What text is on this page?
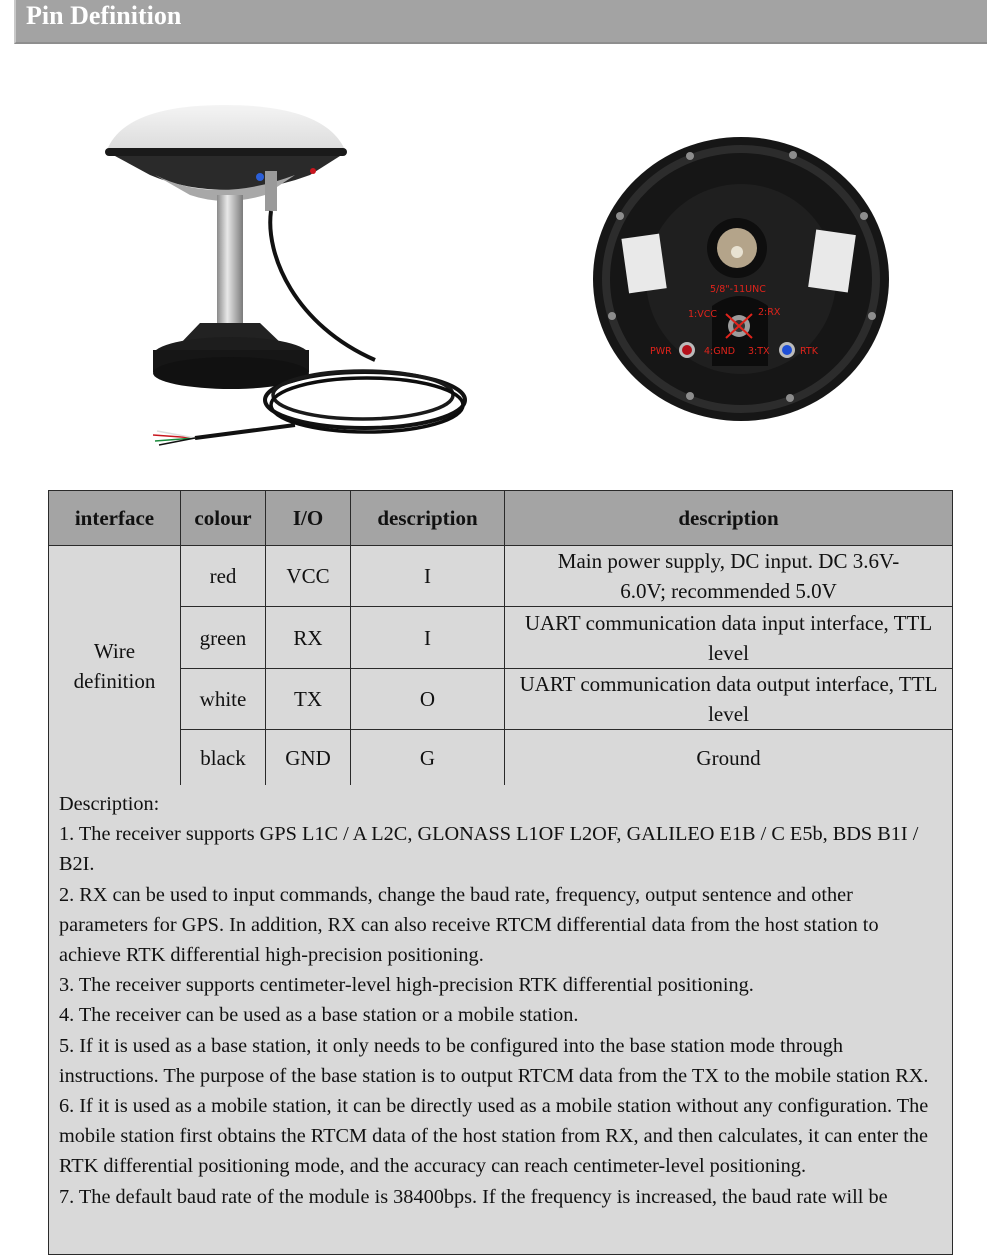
Pin Definition
5/8"-11UNC
1:VCC	2:RX
3:TX
4:GND
PWR	RTK
interface	colour	I/O	description	description
Wire definition	red	VCC	I	Main power supply, DC input. DC 3.6V-6.0V; recommended 5.0V
	green	RX	I	UART communication data input interface, TTL level
	white	TX	O	UART communication data output interface, TTL level
	black	GND	G	Ground

Description:

1. The receiver supports GPS L1C / A L2C, GLONASS L1OF L2OF, GALILEO E1B / C E5b, BDS B1I / B2I.

2. RX can be used to input commands, change the baud rate, frequency, output sentence and other parameters for GPS. In addition, RX can also receive RTCM differential data from the host station to achieve RTK differential high-precision positioning.

3. The receiver supports centimeter-level high-precision RTK differential positioning.

4. The receiver can be used as a base station or a mobile station.

5. If it is used as a base station, it only needs to be configured into the base station mode through instructions. The purpose of the base station is to output RTCM data from the TX to the mobile station RX.

6. If it is used as a mobile station, it can be directly used as a mobile station without any configuration. The mobile station first obtains the RTCM data of the host station from RX, and then calculates, it can enter the RTK differential positioning mode, and the accuracy can reach centimeter-level positioning.

7. The default baud rate of the module is 38400bps. If the frequency is increased, the baud rate will be
